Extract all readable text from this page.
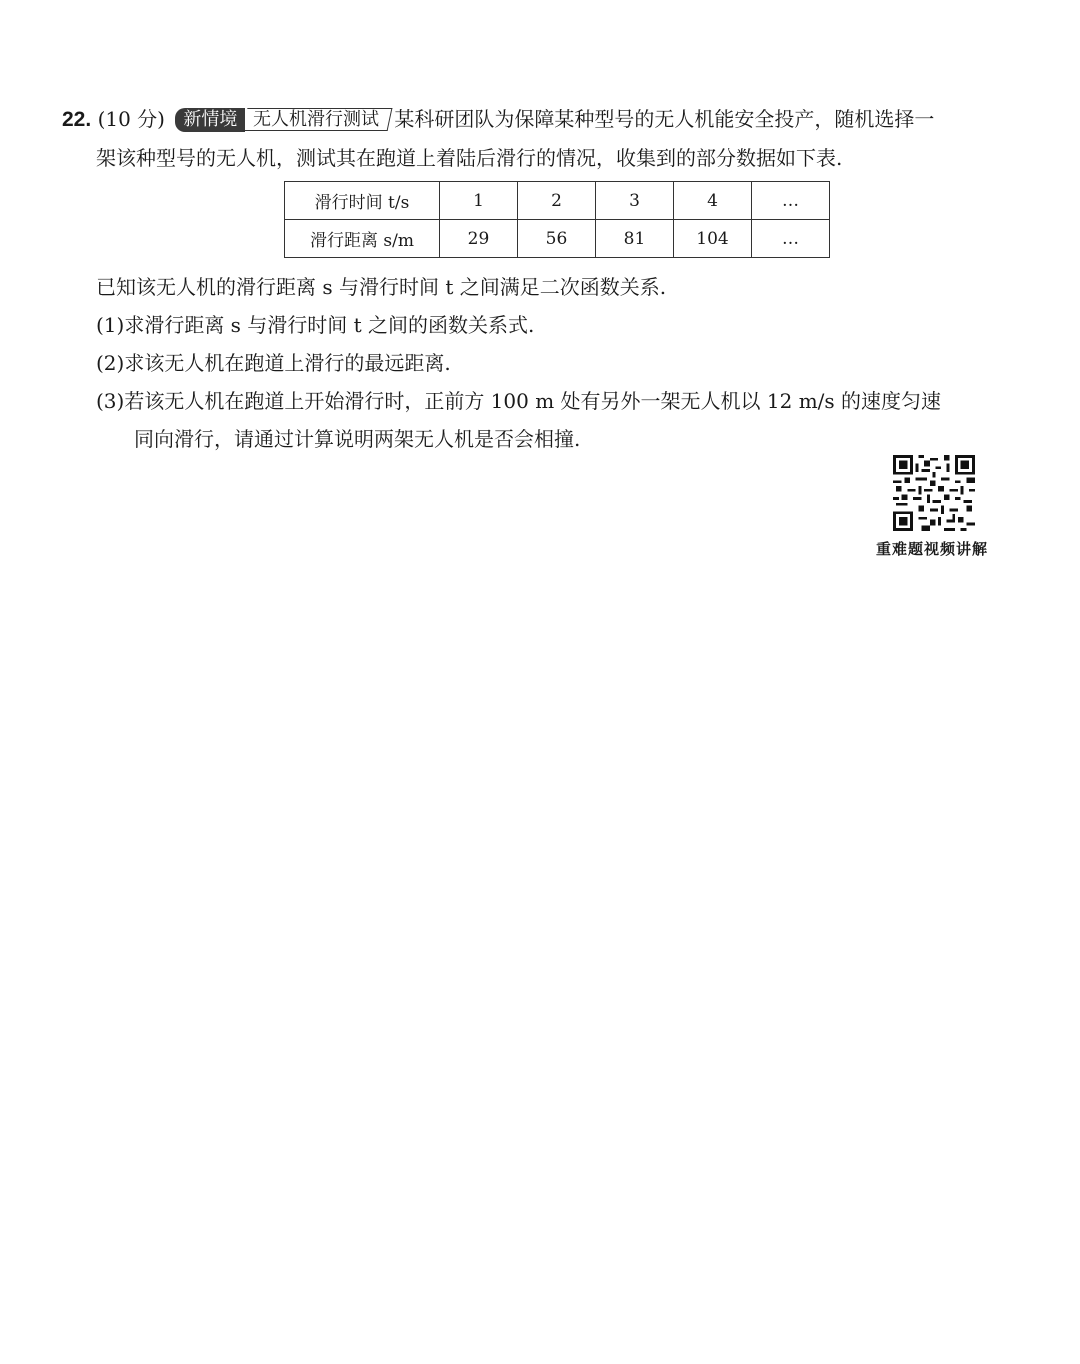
22. (10 分) 新情境 无人机滑行测试 某科研团队为保障某种型号的无人机能安全投产，随机选择一
架该种型号的无人机，测试其在跑道上着陆后滑行的情况，收集到的部分数据如下表.
滑行时间 t/s	1	2	3	4	…
滑行距离 s/m	29	56	81	104	…
已知该无人机的滑行距离 s 与滑行时间 t 之间满足二次函数关系.
(1)求滑行距离 s 与滑行时间 t 之间的函数关系式.
(2)求该无人机在跑道上滑行的最远距离.
(3)若该无人机在跑道上开始滑行时，正前方 100 m 处有另外一架无人机以 12 m/s 的速度匀速
同向滑行，请通过计算说明两架无人机是否会相撞.
重难题视频讲解
